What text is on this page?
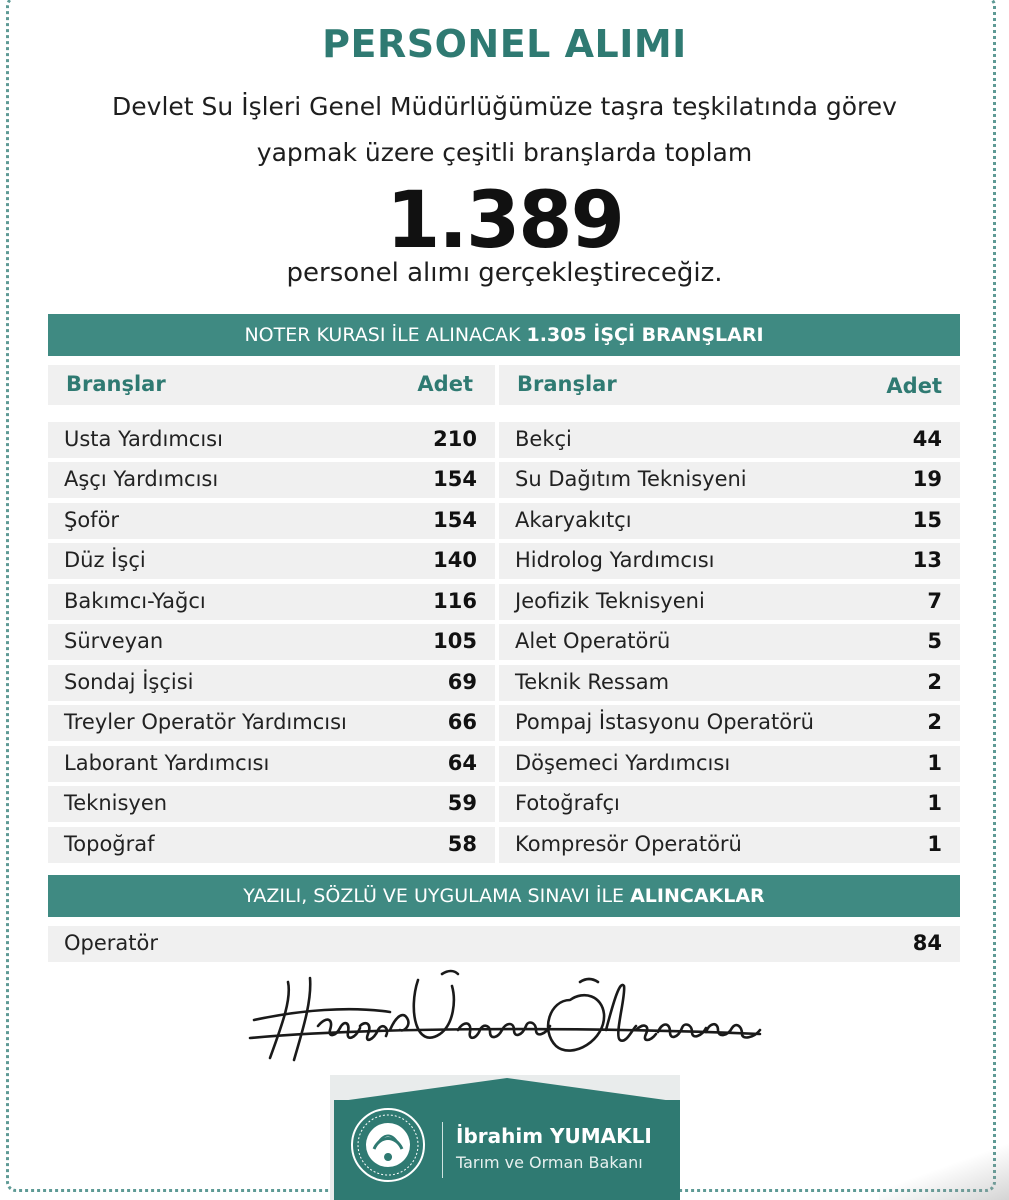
PERSONEL ALIMI
Devlet Su İşleri Genel Müdürlüğümüze taşra teşkilatında görev
yapmak üzere çeşitli branşlarda toplam
1.389
personel alımı gerçekleştireceğiz.
NOTER KURASI İLE ALINACAK 1.305 İŞÇİ BRANŞLARI
Branşlar	Adet Branşlar	Adet
Usta Yardımcısı	210
Aşçı Yardımcısı	154
Şoför	154
Düz İşçi	140
Bakımcı-Yağcı	116
Sürveyan	105
Sondaj İşçisi	69
Treyler Operatör Yardımcısı	66
Laborant Yardımcısı	64
Teknisyen	59
Topoğraf	58
Bekçi	44
Su Dağıtım Teknisyeni	19
Akaryakıtçı	15
Hidrolog Yardımcısı	13
Jeofizik Teknisyeni	7
Alet Operatörü	5
Teknik Ressam	2
Pompaj İstasyonu Operatörü	2
Döşemeci Yardımcısı	1
Fotoğrafçı	1
Kompresör Operatörü	1
YAZILI, SÖZLÜ VE UYGULAMA SINAVI İLE ALINCAKLAR
Operatör	84
İbrahim YUMAKLI
Tarım ve Orman Bakanı
